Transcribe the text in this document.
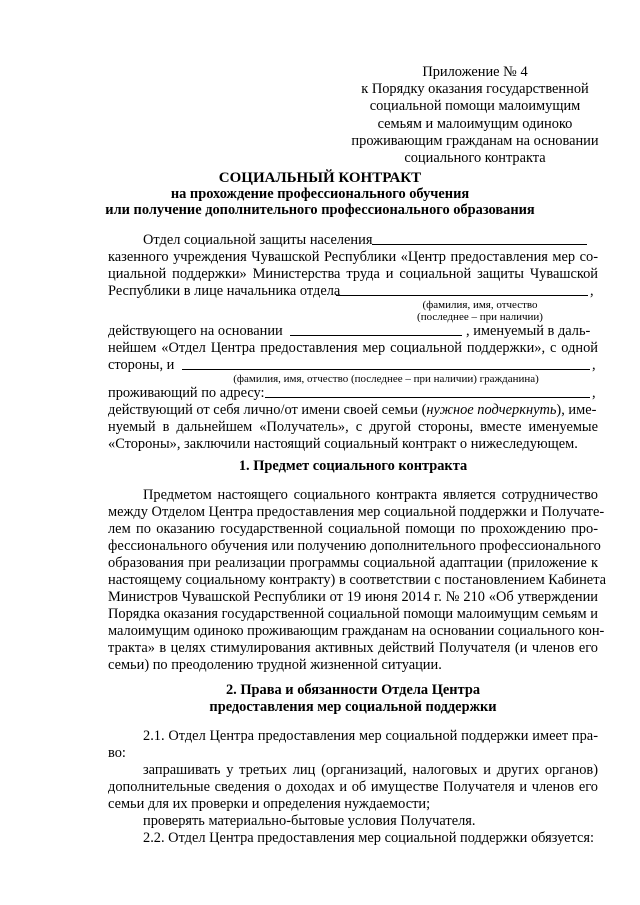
Приложение № 4
к Порядку оказания государственной
социальной помощи малоимущим
семьям и малоимущим одиноко
проживающим гражданам на основании
социального контракта
СОЦИАЛЬНЫЙ КОНТРАКТ
на прохождение профессионального обучения
или получение дополнительного профессионального образования
Отдел социальной защиты населения
казенного учреждения Чувашской Республики «Центр предоставления мер со-
циальной поддержки» Министерства труда и социальной защиты Чувашской
Республики в лице начальника отдела	,
(фамилия, имя, отчество
(последнее – при наличии)
действующего на основании	, именуемый в даль-
нейшем «Отдел Центра предоставления мер социальной поддержки», с одной
стороны, и	,
(фамилия, имя, отчество (последнее – при наличии) гражданина)
проживающий по адресу:	,
действующий от себя лично/от имени своей семьи (нужное подчеркнуть), име-
нуемый в дальнейшем «Получатель», с другой стороны, вместе именуемые
«Стороны», заключили настоящий социальный контракт о нижеследующем.
1. Предмет социального контракта
Предметом настоящего социального контракта является сотрудничество
между Отделом Центра предоставления мер социальной поддержки и Получате-
лем по оказанию государственной социальной помощи по прохождению про-
фессионального обучения или получению дополнительного профессионального
образования при реализации программы социальной адаптации (приложение к
настоящему социальному контракту) в соответствии с постановлением Кабинета
Министров Чувашской Республики от 19 июня 2014 г. № 210 «Об утверждении
Порядка оказания государственной социальной помощи малоимущим семьям и
малоимущим одиноко проживающим гражданам на основании социального кон-
тракта» в целях стимулирования активных действий Получателя (и членов его
семьи) по преодолению трудной жизненной ситуации.
2. Права и обязанности Отдела Центра
предоставления мер социальной поддержки
2.1. Отдел Центра предоставления мер социальной поддержки имеет пра-
во:
запрашивать у третьих лиц (организаций, налоговых и других органов)
дополнительные сведения о доходах и об имуществе Получателя и членов его
семьи для их проверки и определения нуждаемости;
проверять материально-бытовые условия Получателя.
2.2. Отдел Центра предоставления мер социальной поддержки обязуется:
